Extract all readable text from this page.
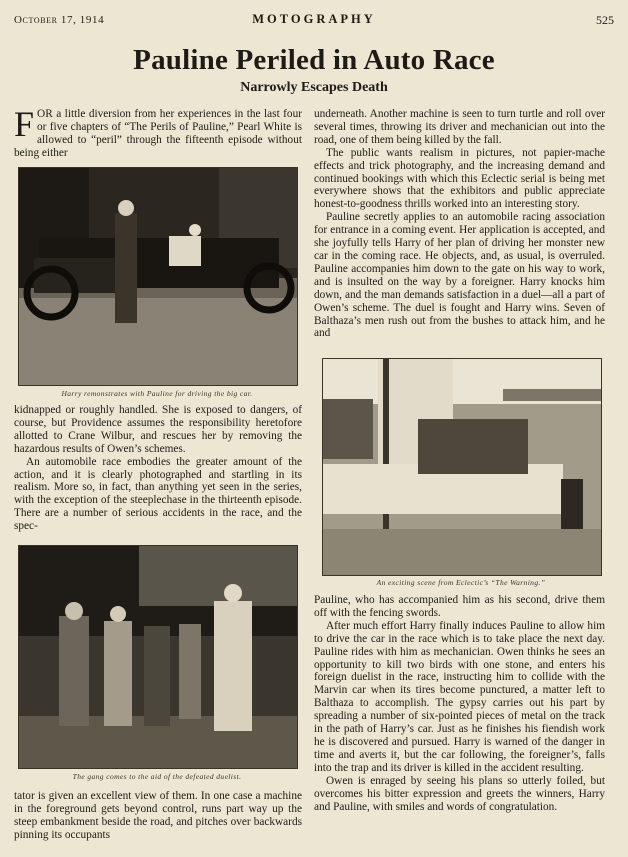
October 17, 1914	MOTOGRAPHY	525
Pauline Periled in Auto Race
Narrowly Escapes Death

FOR a little diversion from her experiences in the last four or five chapters of “The Perils of Pauline,” Pearl White is allowed to “peril” through the fifteenth episode without being either

Harry remonstrates with Pauline for driving the big car.

kidnapped or roughly handled. She is exposed to dangers, of course, but Providence assumes the responsibility heretofore allotted to Crane Wilbur, and rescues her by removing the hazardous results of Owen’s schemes.

An automobile race embodies the greater amount of the action, and it is clearly photographed and startling in its realism. More so, in fact, than anything yet seen in the series, with the exception of the steeplechase in the thirteenth episode. There are a number of serious accidents in the race, and the spec-

The gang comes to the aid of the defeated duelist.

tator is given an excellent view of them. In one case a machine in the foreground gets beyond control, runs part way up the steep embankment beside the road, and pitches over backwards pinning its occupants

underneath. Another machine is seen to turn turtle and roll over several times, throwing its driver and mechanician out into the road, one of them being killed by the fall.

The public wants realism in pictures, not papier-mache effects and trick photography, and the increasing demand and continued bookings with which this Eclectic serial is being met everywhere shows that the exhibitors and public appreciate honest-to-goodness thrills worked into an interesting story.

Pauline secretly applies to an automobile racing association for entrance in a coming event. Her application is accepted, and she joyfully tells Harry of her plan of driving her monster new car in the coming race. He objects, and, as usual, is overruled. Pauline accompanies him down to the gate on his way to work, and is insulted on the way by a foreigner. Harry knocks him down, and the man demands satisfaction in a duel—all a part of Owen’s scheme. The duel is fought and Harry wins. Seven of Balthaza’s men rush out from the bushes to attack him, and he and

An exciting scene from Eclectic’s “The Warning.”

Pauline, who has accompanied him as his second, drive them off with the fencing swords.

After much effort Harry finally induces Pauline to allow him to drive the car in the race which is to take place the next day. Pauline rides with him as mechanician. Owen thinks he sees an opportunity to kill two birds with one stone, and enters his foreign duelist in the race, instructing him to collide with the Marvin car when its tires become punctured, a matter left to Balthaza to accomplish. The gypsy carries out his part by spreading a number of six-pointed pieces of metal on the track in the path of Harry’s car. Just as he finishes his fiendish work he is discovered and pursued. Harry is warned of the danger in time and averts it, but the car following, the foreigner’s, falls into the trap and its driver is killed in the accident resulting.

Owen is enraged by seeing his plans so utterly foiled, but overcomes his bitter expression and greets the winners, Harry and Pauline, with smiles and words of congratulation.
